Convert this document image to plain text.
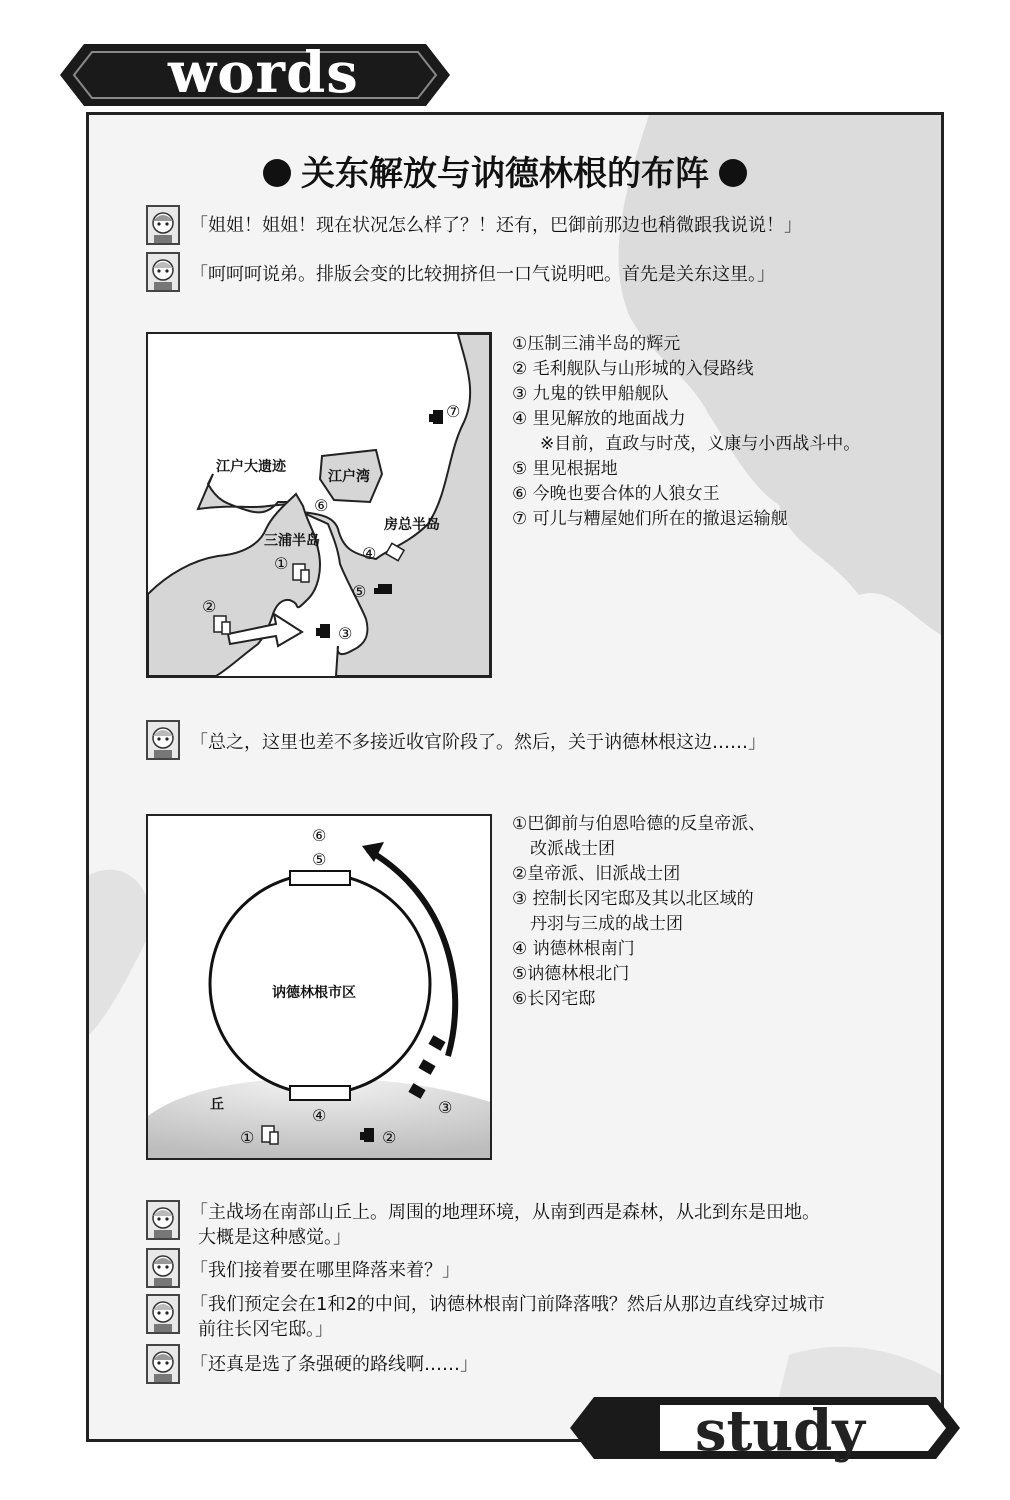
words
study
关东解放与讷德林根的布阵
「姐姐！姐姐！现在状况怎么样了？！还有，巴御前那边也稍微跟我说说！」
「呵呵呵说弟。排版会变的比较拥挤但一口气说明吧。首先是关东这里。」
江户大遗迹
江户湾
三浦半岛
房总半岛
①
②
③
④
⑤
⑥
⑦
①压制三浦半岛的辉元
② 毛利舰队与山形城的入侵路线
③ 九鬼的铁甲船舰队
④ 里见解放的地面战力
※目前，直政与时茂，义康与小西战斗中。
⑤ 里见根据地
⑥ 今晚也要合体的人狼女王
⑦ 可儿与糟屋她们所在的撤退运输舰
「总之，这里也差不多接近收官阶段了。然后，关于讷德林根这边……」
讷德林根市区
丘
①	②
③
④
⑤
⑥
①巴御前与伯恩哈德的反皇帝派、
改派战士团
②皇帝派、旧派战士团
③ 控制长冈宅邸及其以北区域的
丹羽与三成的战士团
④ 讷德林根南门
⑤讷德林根北门
⑥长冈宅邸
「主战场在南部山丘上。周围的地理环境，从南到西是森林，从北到东是田地。
大概是这种感觉。」
「我们接着要在哪里降落来着？」
「我们预定会在1和2的中间，讷德林根南门前降落哦？然后从那边直线穿过城市
前往长冈宅邸。」
「还真是选了条强硬的路线啊……」
